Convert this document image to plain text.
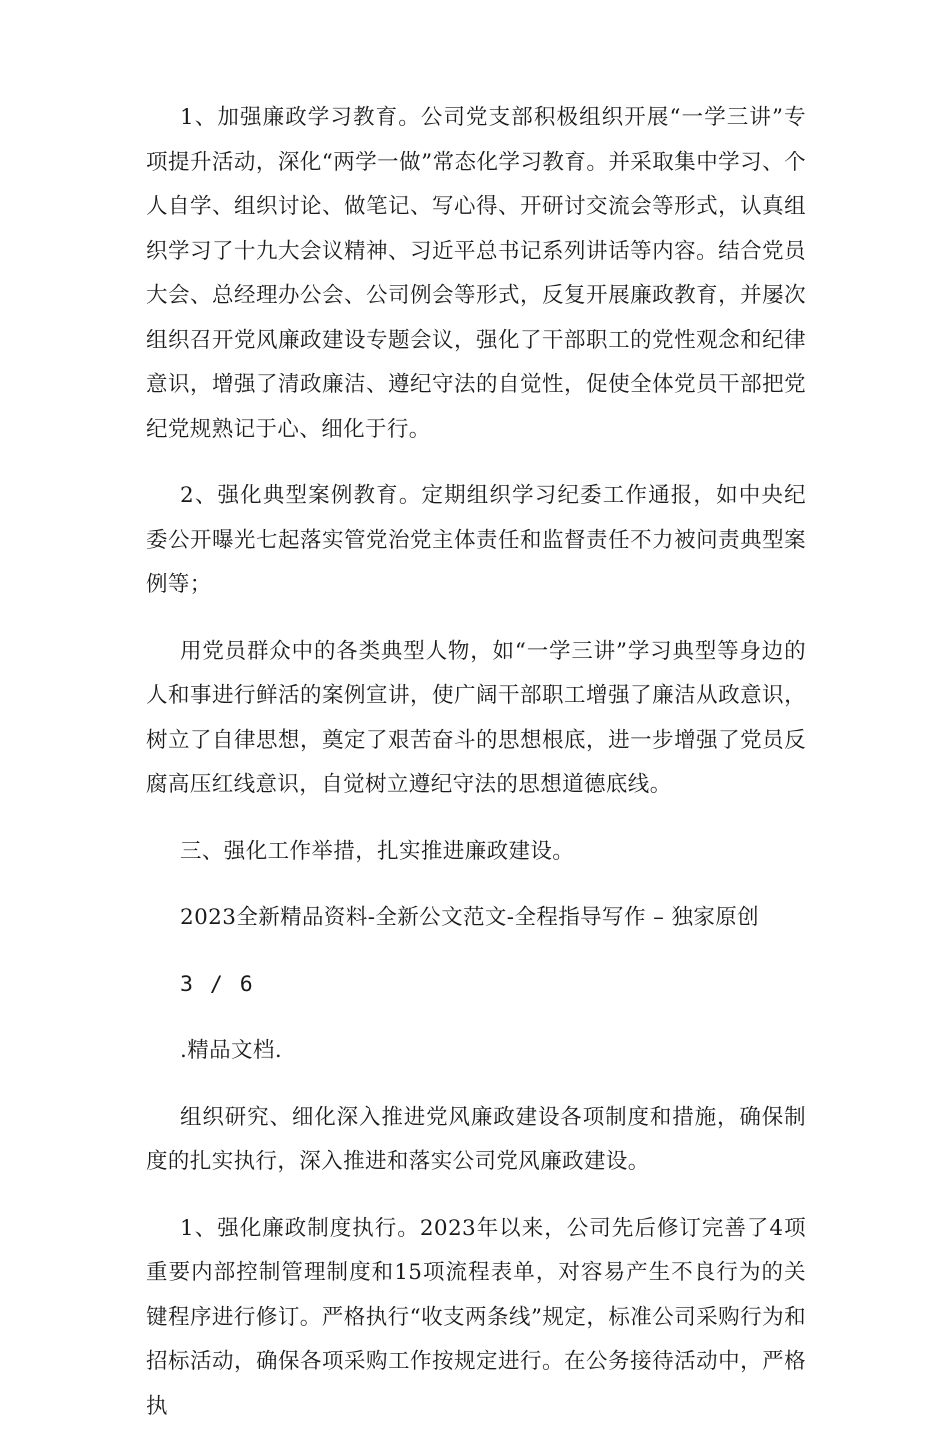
1、加强廉政学习教育。公司党支部积极组织开展“一学三讲”专项提升活动，深化“两学一做”常态化学习教育。并采取集中学习、个人自学、组织讨论、做笔记、写心得、开研讨交流会等形式，认真组织学习了十九大会议精神、习近平总书记系列讲话等内容。结合党员大会、总经理办公会、公司例会等形式，反复开展廉政教育，并屡次组织召开党风廉政建设专题会议，强化了干部职工的党性观念和纪律意识，增强了清政廉洁、遵纪守法的自觉性，促使全体党员干部把党纪党规熟记于心、细化于行。

2、强化典型案例教育。定期组织学习纪委工作通报，如中央纪委公开曝光七起落实管党治党主体责任和监督责任不力被问责典型案例等；

用党员群众中的各类典型人物，如“一学三讲”学习典型等身边的人和事进行鲜活的案例宣讲，使广阔干部职工增强了廉洁从政意识，树立了自律思想，奠定了艰苦奋斗的思想根底，进一步增强了党员反腐高压红线意识，自觉树立遵纪守法的思想道德底线。

三、强化工作举措，扎实推进廉政建设。

2023全新精品资料-全新公文范文-全程指导写作 – 独家原创

3 / 6

.精品文档.

组织研究、细化深入推进党风廉政建设各项制度和措施，确保制度的扎实执行，深入推进和落实公司党风廉政建设。

1、强化廉政制度执行。2023年以来，公司先后修订完善了4项重要内部控制管理制度和15项流程表单，对容易产生不良行为的关键程序进行修订。严格执行“收支两条线”规定，标准公司采购行为和招标活动，确保各项采购工作按规定进行。在公务接待活动中，严格执
